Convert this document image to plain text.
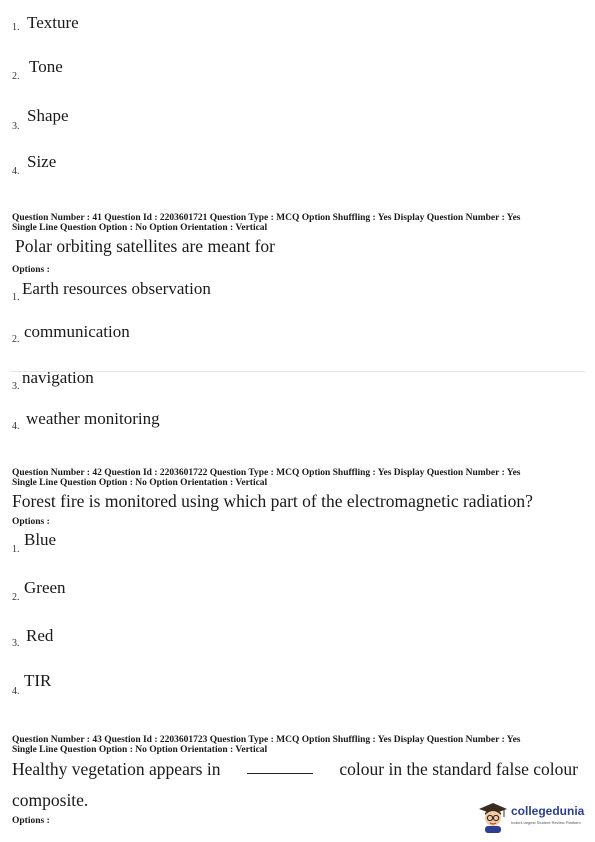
1. Texture
2.
Tone
3.
Shape
4.
Size
Question Number : 41 Question Id : 2203601721 Question Type : MCQ Option Shuffling : Yes Display Question Number : Yes
Single Line Question Option : No Option Orientation : Vertical
Polar orbiting satellites are meant for
Options :
1. Earth resources observation
2. communication
3. navigation
4. weather monitoring
Question Number : 42 Question Id : 2203601722 Question Type : MCQ Option Shuffling : Yes Display Question Number : Yes
Single Line Question Option : No Option Orientation : Vertical
Forest fire is monitored using which part of the electromagnetic radiation?
Options :
1.
Blue
2.
Green
3. Red
4.
TIR
Question Number : 43 Question Id : 2203601723 Question Type : MCQ Option Shuffling : Yes Display Question Number : Yes
Single Line Question Option : No Option Orientation : Vertical
Healthy vegetation appears in	colour in the standard false colour
composite.
Options :
collegedunia
India's largest Student Review Platform
